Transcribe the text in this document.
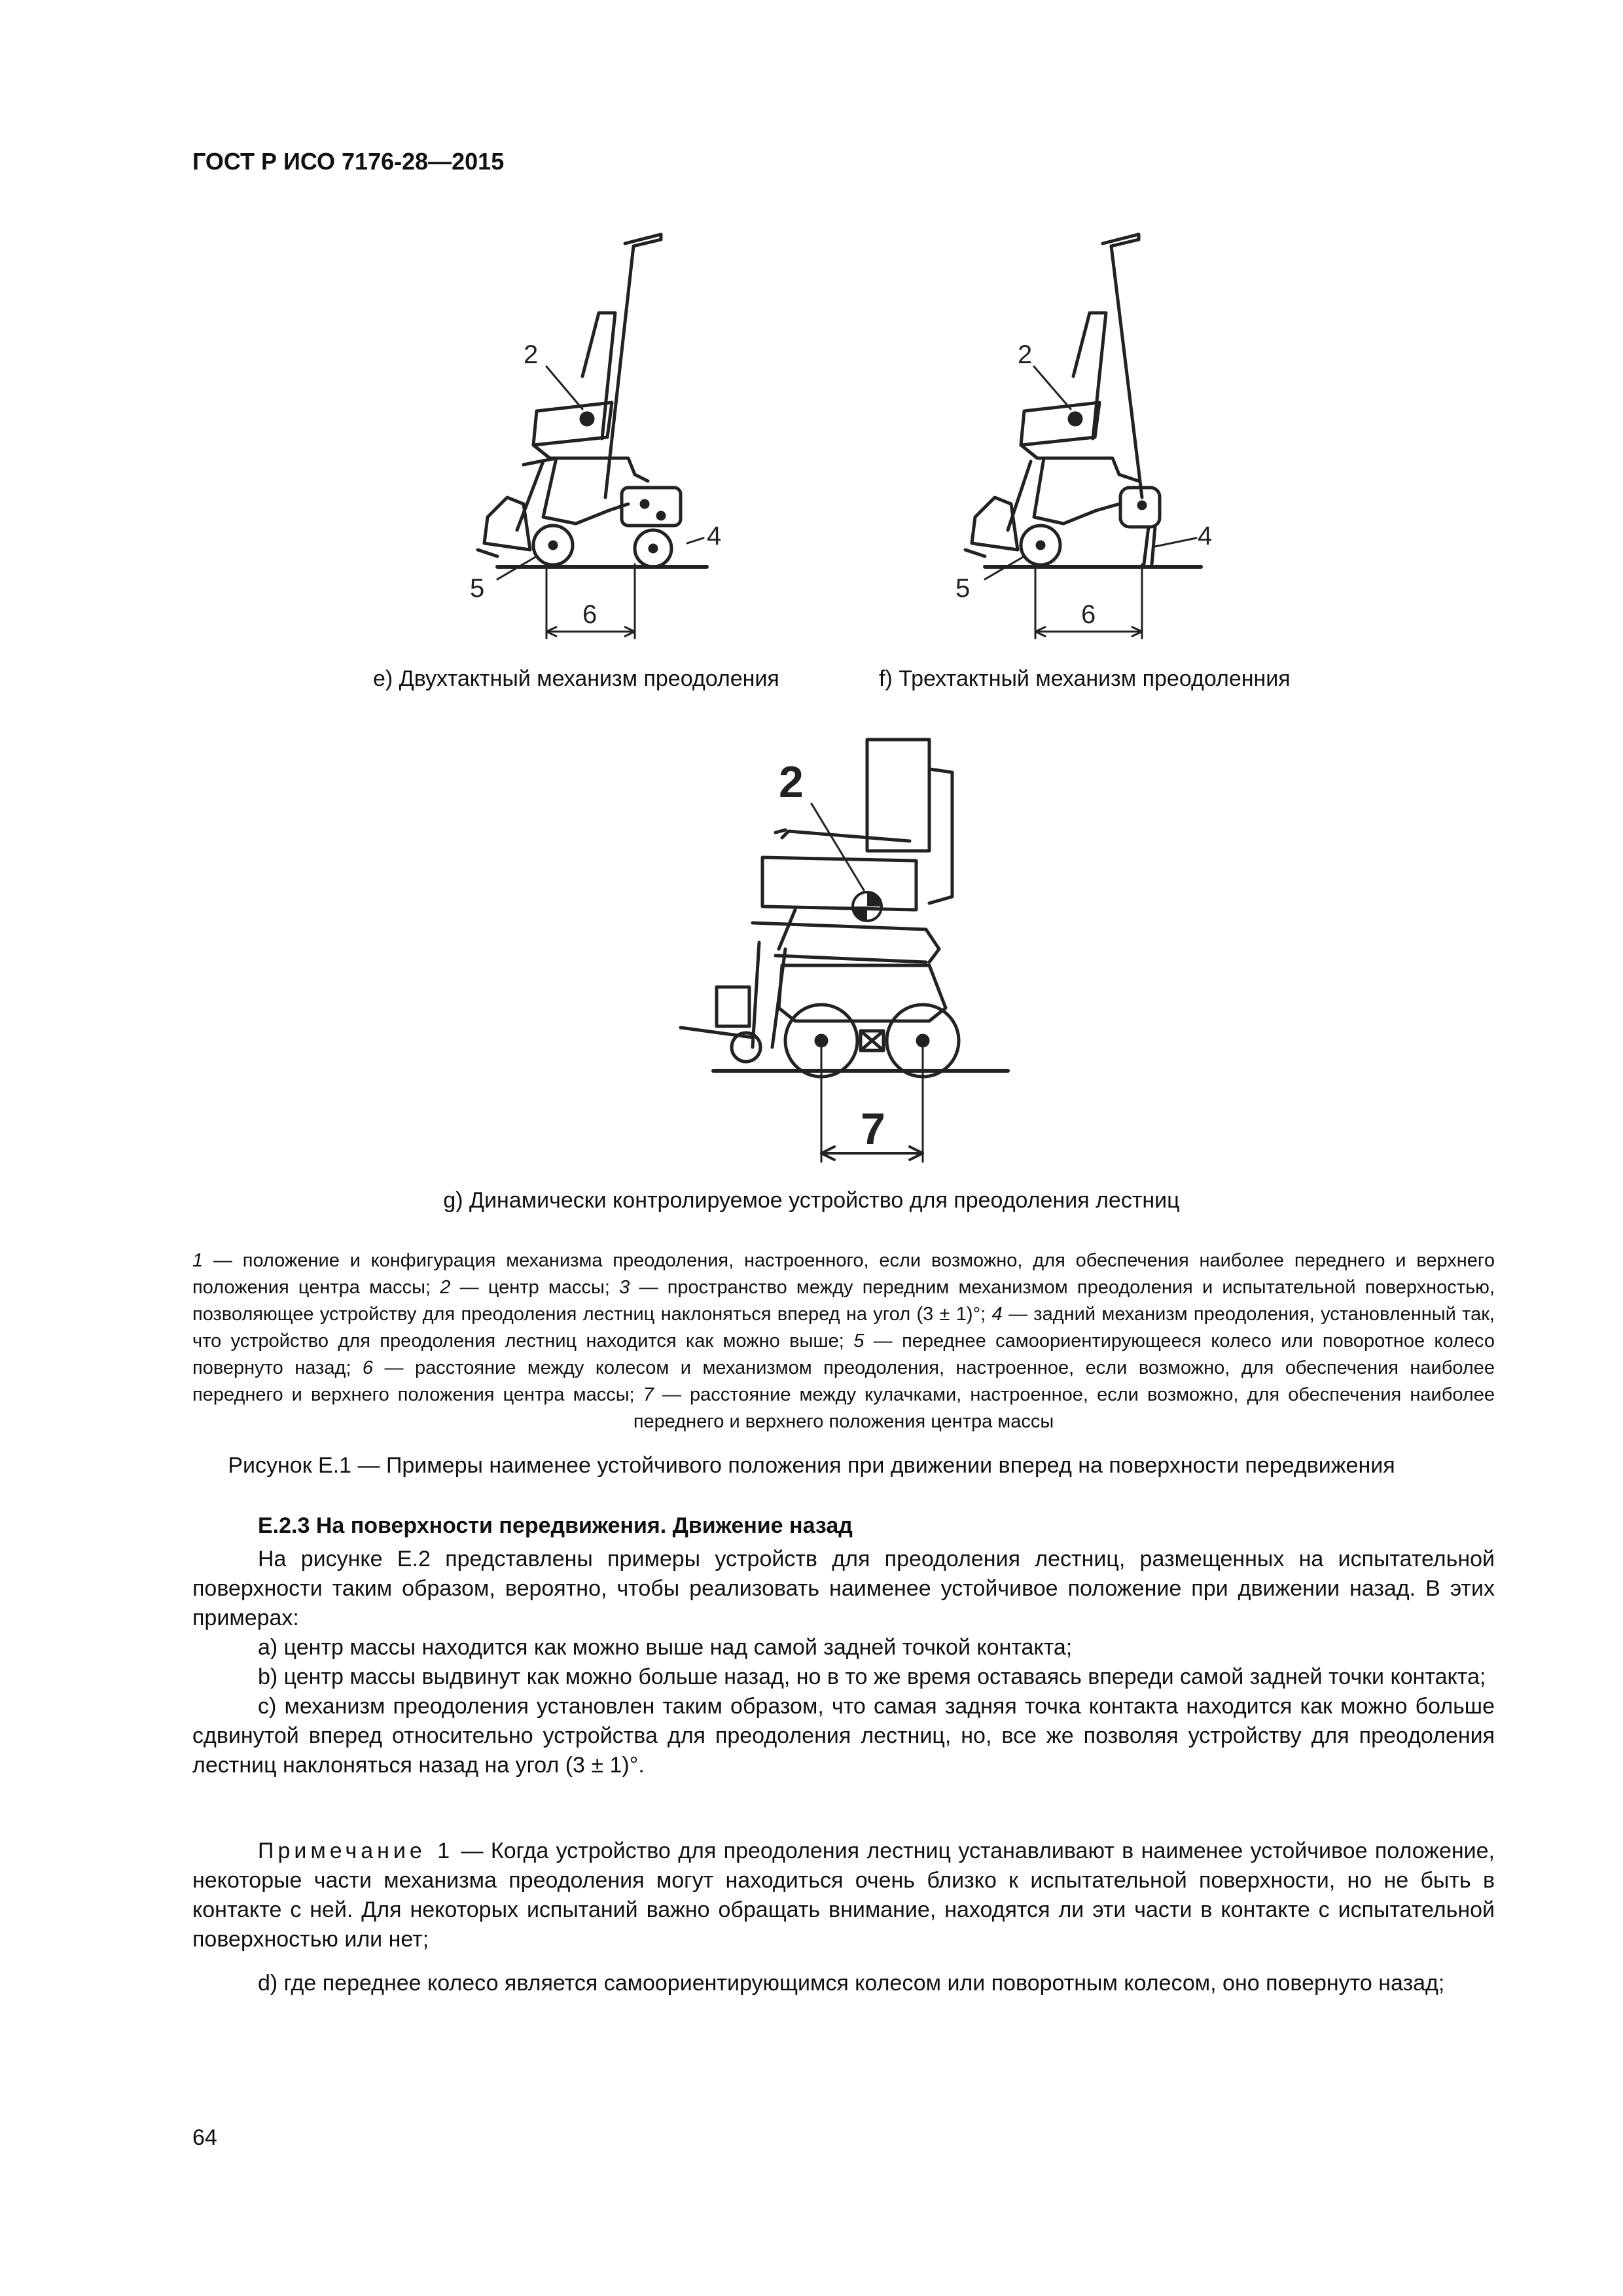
ГОСТ Р ИСО 7176-28—2015
2
4
5
6
2
4
5
6
2
7
e) Двухтактный механизм преодоления	f) Трехтактный механизм преодоленния
g) Динамически контролируемое устройство для преодоления лестниц
1 — положение и конфигурация механизма преодоления, настроенного, если возможно, для обеспечения наиболее переднего и верхнего положения центра массы; 2 — центр массы; 3 — пространство между передним механизмом преодоления и испытательной поверхностью, позволяющее устройству для преодоления лестниц наклоняться вперед на угол (3 ± 1)°; 4 — задний механизм преодоления, установленный так, что устройство для преодоления лестниц находится как можно выше; 5 — переднее самоориентирующееся колесо или поворотное колесо повернуто назад; 6 — расстояние между колесом и механизмом преодоления, настроенное, если возможно, для обеспечения наиболее переднего и верхнего положения центра массы; 7 — расстояние между кулачками, настроенное, если возможно, для обеспечения наиболее переднего и верхнего положения центра массы
Рисунок Е.1 — Примеры наименее устойчивого положения при движении вперед на поверхности передвижения
Е.2.3 На поверхности передвижения. Движение назад

На рисунке Е.2 представлены примеры устройств для преодоления лестниц, размещенных на испытательной поверхности таким образом, вероятно, чтобы реализовать наименее устойчивое положение при движении назад. В этих примерах:

а) центр массы находится как можно выше над самой задней точкой контакта;

b) центр массы выдвинут как можно больше назад, но в то же время оставаясь впереди самой задней точки контакта;

с) механизм преодоления установлен таким образом, что самая задняя точка контакта находится как можно больше сдвинутой вперед относительно устройства для преодоления лестниц, но, все же позволяя устройству для преодоления лестниц наклоняться назад на угол (3 ± 1)°.

Примечание 1 — Когда устройство для преодоления лестниц устанавливают в наименее устойчивое положение, некоторые части механизма преодоления могут находиться очень близко к испытательной поверхности, но не быть в контакте с ней. Для некоторых испытаний важно обращать внимание, находятся ли эти части в контакте с испытательной поверхностью или нет;

d) где переднее колесо является самоориентирующимся колесом или поворотным колесом, оно повернуто назад;

64
